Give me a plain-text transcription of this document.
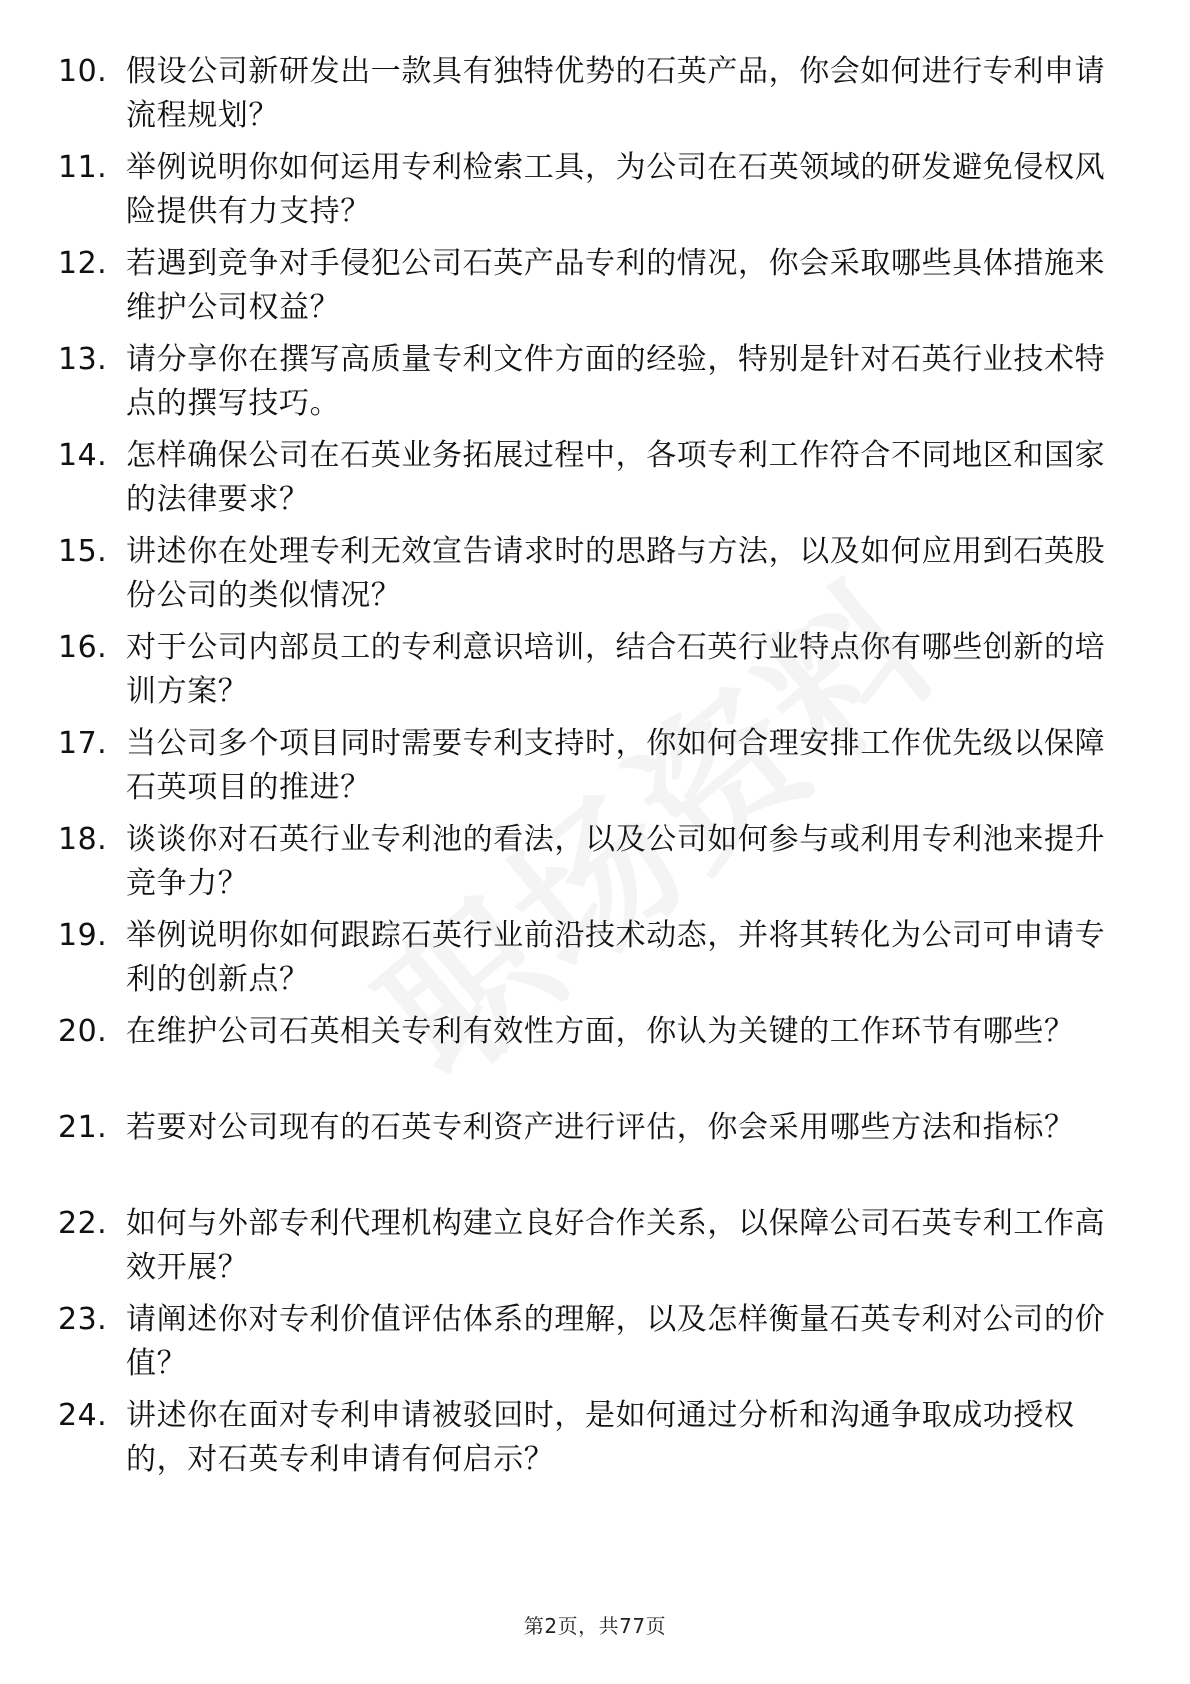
10. 假设公司新研发出一款具有独特优势的石英产品，你会如何进行专利申请流程规划？
11. 举例说明你如何运用专利检索工具，为公司在石英领域的研发避免侵权风险提供有力支持？
12. 若遇到竞争对手侵犯公司石英产品专利的情况，你会采取哪些具体措施来维护公司权益？
13. 请分享你在撰写高质量专利文件方面的经验，特别是针对石英行业技术特点的撰写技巧。
14. 怎样确保公司在石英业务拓展过程中，各项专利工作符合不同地区和国家的法律要求？
15. 讲述你在处理专利无效宣告请求时的思路与方法，以及如何应用到石英股份公司的类似情况？
16. 对于公司内部员工的专利意识培训，结合石英行业特点你有哪些创新的培训方案？
17. 当公司多个项目同时需要专利支持时，你如何合理安排工作优先级以保障石英项目的推进？
18. 谈谈你对石英行业专利池的看法，以及公司如何参与或利用专利池来提升竞争力？
19. 举例说明你如何跟踪石英行业前沿技术动态，并将其转化为公司可申请专利的创新点？
20. 在维护公司石英相关专利有效性方面，你认为关键的工作环节有哪些？
21. 若要对公司现有的石英专利资产进行评估，你会采用哪些方法和指标？
22. 如何与外部专利代理机构建立良好合作关系，以保障公司石英专利工作高效开展？
23. 请阐述你对专利价值评估体系的理解，以及怎样衡量石英专利对公司的价值？
24. 讲述你在面对专利申请被驳回时，是如何通过分析和沟通争取成功授权的，对石英专利申请有何启示？
第2页，共77页
